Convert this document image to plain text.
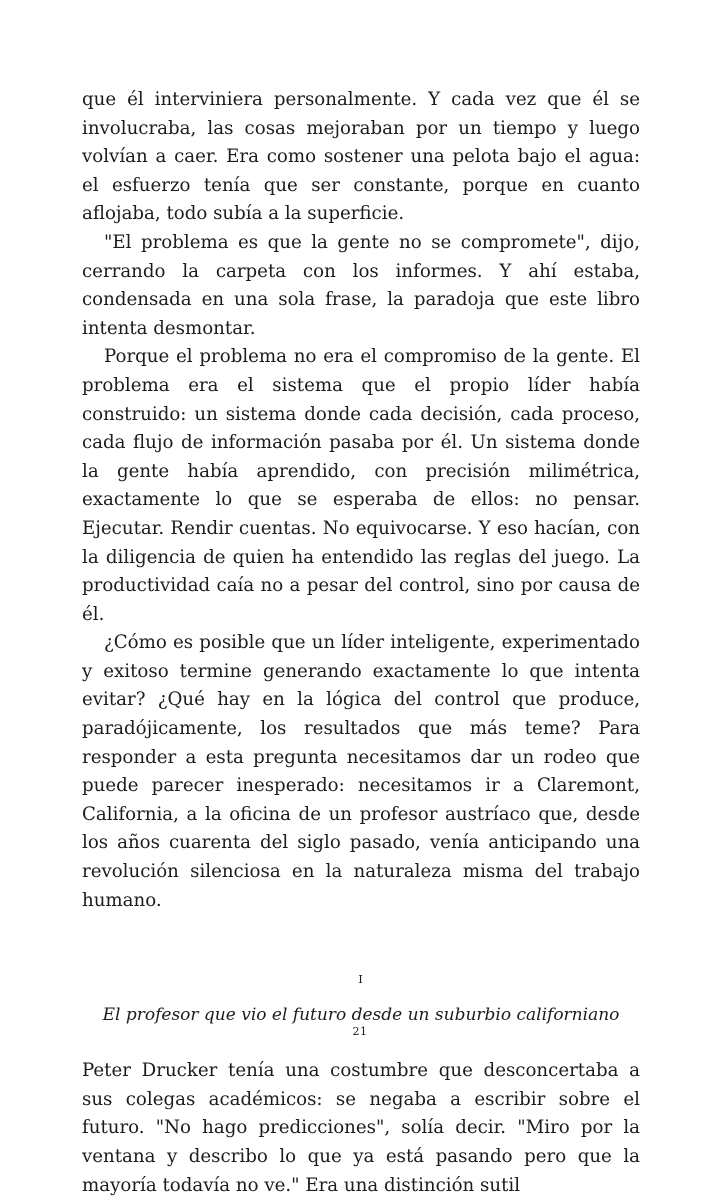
que él interviniera personalmente. Y cada vez que él se involucraba, las cosas mejoraban por un tiempo y luego volvían a caer. Era como sostener una pelota bajo el agua: el esfuerzo tenía que ser constante, porque en cuanto aflojaba, todo subía a la superficie.

"El problema es que la gente no se compromete", dijo, cerrando la carpeta con los informes. Y ahí estaba, condensada en una sola frase, la paradoja que este libro intenta desmontar.

Porque el problema no era el compromiso de la gente. El problema era el sistema que el propio líder había construido: un sistema donde cada decisión, cada proceso, cada flujo de información pasaba por él. Un sistema donde la gente había aprendido, con precisión milimétrica, exactamente lo que se esperaba de ellos: no pensar. Ejecutar. Rendir cuentas. No equivocarse. Y eso hacían, con la diligencia de quien ha entendido las reglas del juego. La productividad caía no a pesar del control, sino por causa de él.

¿Cómo es posible que un líder inteligente, experimentado y exitoso termine generando exactamente lo que intenta evitar? ¿Qué hay en la lógica del control que produce, paradójicamente, los resultados que más teme? Para responder a esta pregunta necesitamos dar un rodeo que puede parecer inesperado: necesitamos ir a Claremont, California, a la oficina de un profesor austríaco que, desde los años cuarenta del siglo pasado, venía anticipando una revolución silenciosa en la naturaleza misma del trabajo humano.

I
El profesor que vio el futuro desde un suburbio californiano

Peter Drucker tenía una costumbre que desconcertaba a sus colegas académicos: se negaba a escribir sobre el futuro. "No hago predicciones", solía decir. "Miro por la ventana y describo lo que ya está pasando pero que la mayoría todavía no ve." Era una distinción sutil

21
